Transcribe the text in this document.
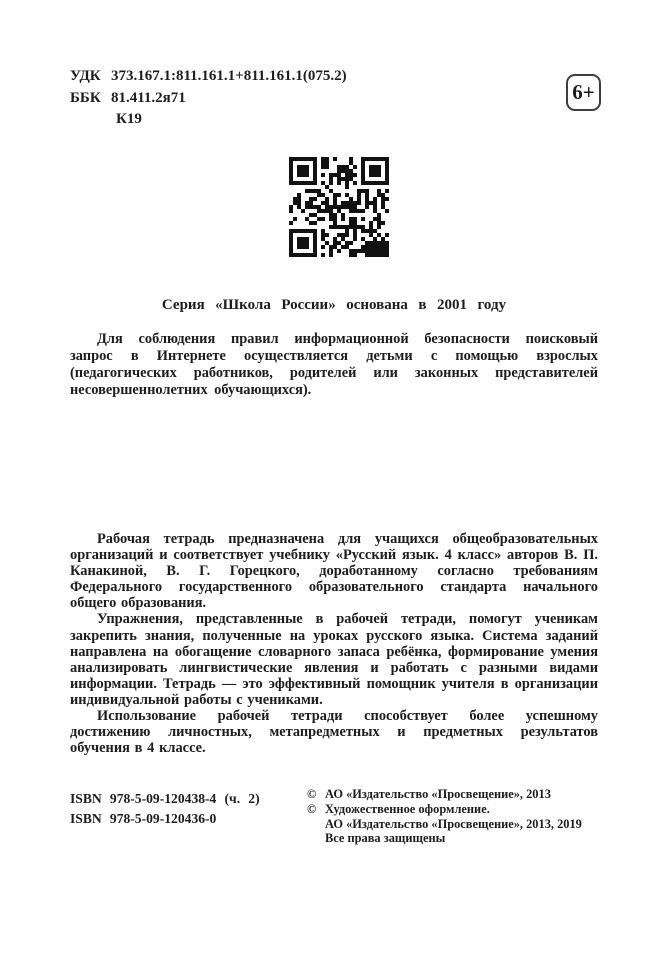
УДК 373.167.1:811.161.1+811.161.1(075.2)
ББК 81.411.2я71
К19
6+
Серия «Школа России» основана в 2001 году

Для соблюдения правил информационной безопасности поисковый запрос в Интернете осуществляется детьми с помощью взрослых (педагогических работников, родителей или законных представителей несовершеннолетних обучающихся).

Рабочая тетрадь предназначена для учащихся общеобразовательных организаций и соответствует учебнику «Русский язык. 4 класс» авторов В. П. Канакиной, В. Г. Горецкого, доработанному согласно требованиям Федерального государственного образовательного стандарта начального общего образования.

Упражнения, представленные в рабочей тетради, помогут ученикам закрепить знания, полученные на уроках русского языка. Система заданий направлена на обогащение словарного запаса ребёнка, формирование умения анализировать лингвистические явления и работать с разными видами информации. Тетрадь — это эффективный помощник учителя в организации индивидуальной работы с учениками.

Использование рабочей тетради способствует более успешному достижению личностных, метапредметных и предметных результатов обучения в 4 классе.

ISBN 978-5-09-120438-4 (ч. 2)
ISBN 978-5-09-120436-0
© АО «Издательство «Просвещение», 2013
© Художественное оформление.
АО «Издательство «Просвещение», 2013, 2019
Все права защищены
